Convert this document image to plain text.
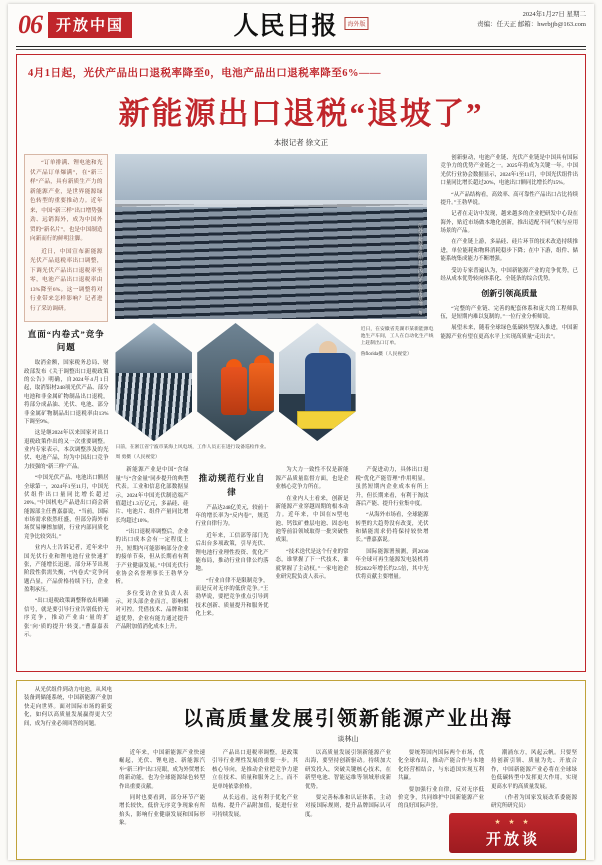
06 开放中国	人民日报 海外版
2024年1月27日 星期二
责编：任天正 邮箱：hwrbjjb@163.com
4月1日起，光伏产品出口退税率降至0，电池产品出口退税率降至6%——
新能源出口退税“退坡了”
本报记者 徐文正

“订单排满、锂电池和光伏产品订单爆满”，在“新三样”产品，具有新质生产力的新能源产业，是世界能源绿色转型的重要推动力。近年来，中国“新三样”出口增势强劲、远销海外，成为中国外贸的“新名片”，也是中国制造向新而行的鲜明注脚。

近日，中国宣布新能源光伏产品退税率出口调整，下调光伏产品出口退税率至零，电池产品出口退税率由13%降至6%。这一调整将对行业带来怎样影响？记者进行了采访调研。

直面“内卷式”竞争问题

取消金额，国家税务总局、财政部发布《关于调整出口退税政策的公告》明确，自2024年4月1日起，取消铝材248项光伏产品、部分电池和非金属矿物制品出口退税，将部分成品油、光伏、电池、部分非金属矿物制品出口退税率由13%下调至9%。

这是继2024年以来国家对出口退税政策作出的又一次重要调整。业内专家表示，本次调整涉及的光伏、电池产品，均为中国出口竞争力较强的“新三样”产品。

“中国光伏产品、电池出口额居全球第一，2024年1至11月，中国光伏组件出口量同比增长超过20%。”中国机电产品进出口商会新能源部主任曹嘉嘉说，“当前，国际市场需求依然旺盛，但部分海外市场贸易摩擦加剧，行业内部同质化竞争比较突出。”

业内人士告诉记者，近年来中国光伏行业和锂电池行业快速扩张，产能增长迅速，部分环节出现阶段性供需失衡，“内卷式”竞争问题凸显，产品价格持续下行，企业盈利承压。

“出口退税政策调整释放出明确信号，就是要引导行业告别低价无序竞争，推动产业由‘量的扩张’向‘质的提升’转变。”曹嘉嘉表示。

江苏省盐城市射阳县境内的光伏发电基地一角
近日，在安徽省芜湖市某新能源电池生产车间，工人在自动化生产线上赶制出口订单。
鲁florida摄（人民视觉）
日前，在浙江省宁波市某海上风电场，工作人员正在进行设备巡检作业。
周 勇摄（人民视觉）

新能源产业是中国“含绿量”与“含金量”同步提升的典型代表。工业和信息化部数据显示，2024年中国光伏制造端产值超过1.3万亿元，多晶硅、硅片、电池片、组件产量同比增长均超过10%。

“出口退税率调整后，企业的出口成本会有一定程度上升，短期内可能影响部分企业的接单节奏，但从长期看有利于产业健康发展。”中国光伏行业协会名誉理事长王勃华分析。

多位受访企业负责人表示，对头部企业而言，影响相对可控。凭借技术、品牌和渠道优势，企业有能力通过提升产品附加值消化成本上升。

推动规范行业自律

产品达248亿美元，较前十年的增长率为“反内卷”，规范行业自律行为。

近年来，工信部等部门先后出台多项政策，引导光伏、锂电池行业理性投资、优化产能布局，推动行业自律公约落地。

“行业自律不是限制竞争，而是反对无序的低价竞争。”王勃华说，要把竞争重点引导到技术创新、质量提升和服务优化上来。

为大力一致性不仅是新能源产品质量监督方面，也是企业核心竞争力所在。

在业内人士看来，创新是新能源产业穿越周期的根本动力。近年来，中国在N型电池、钙钛矿叠层电池、固态电池等前沿领域取得一批突破性成果。

“技术迭代是这个行业的常态，谁掌握了下一代技术，谁就掌握了主动权。”一家电池企业研究院负责人表示。

产促进动力，具体出口退税“优化产能管理”作用明显。虽然短期内企业成本有所上升，但长期来看，有利于淘汰落后产能、提升行业集中度。

“从海外市场看，全球能源转型的大趋势没有改变，光伏和储能需求仍将保持较快增长。”曹嘉嘉说。

国际能源署预测，到2030年全球可再生能源发电装机将较2022年增长约2.5倍，其中光伏将贡献主要增量。

创新驱动，电池产业链、光伏产业链是中国具有国际竞争力的优势产业链之一。2025年将成为关键一年。中国光伏行业协会数据显示，2024年1至11月，中国光伏组件出口量同比增长超过20%，电池出口额同比增长约15%。

“从产品结构看，高效率、高可靠性产品出口占比持续提升。”王勃华说。

记者在走访中发现，越来越多的企业把研发中心设在海外，贴近市场做本地化创新，推出适配不同气候与应用场景的产品。

在产业链上游，多晶硅、硅片环节的技术改造持续推进，单位能耗和物料消耗稳步下降；在中下游，组件、储能系统集成能力不断增强。

受访专家普遍认为，中国新能源产业的竞争优势，已经从成本优势转向体系化、全链条的综合优势。

创新引领高质量

“完整的产业链、完善的配套体系和庞大的工程师队伍，是短期内难以复制的。”一位行业分析师说。

展望未来，随着全球绿色低碳转型深入推进，中国新能源产业有望在更高水平上实现高质量“走出去”。

从光伏组件到动力电池，从风电装备到储能系统，中国新能源产业加快走向世界。面对国际市场的新变化，如何以高质量发展赢得更大空间，成为行业必须回答的问题。	以高质量发展引领新能源产业出海
谈林山

近年来，中国新能源产业快速崛起，光伏、锂电池、新能源汽车“新三样”出口亮眼，成为外贸增长的新动能，也为全球能源绿色转型作出重要贡献。

同时也要看到，部分环节产能增长较快，低价无序竞争现象有所抬头，影响行业健康发展和国际形象。

产品出口退税率调整，是政策引导行业理性发展的重要一步。其核心导向，是推动企业把竞争力建立在技术、质量和服务之上，而不是单纯依靠价格。

从长远看，这有利于优化产业结构、提升产品附加值，促进行业可持续发展。

以高质量发展引领新能源产业出海，要坚持创新驱动。持续加大研发投入，突破关键核心技术，在新型电池、智能运维等领域形成新优势。

要完善标准和认证体系，主动对接国际规则，提升品牌国际认可度。

要统筹国内国际两个市场，优化全球布局，推动产能合作与本地化经营相结合，与东道国实现互利共赢。

要加强行业自律，反对无序低价竞争，共同维护中国新能源产业的良好国际声誉。

潮涌东方，风起云帆。只要坚持创新引领、质量为先、开放合作，中国新能源产业必将在全球绿色低碳转型中发挥更大作用，实现更高水平的高质量发展。

（作者为国家发展改革委能源研究所研究员）

★ ★ ★
开放谈
